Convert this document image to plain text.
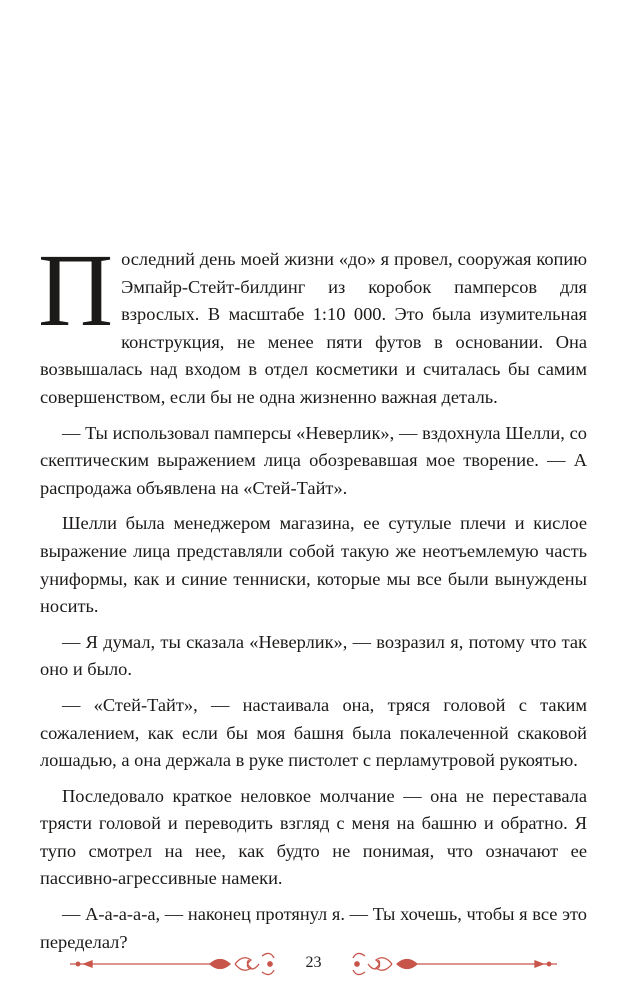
Последний день моей жизни «до» я провел, сооружая копию Эмпайр-Стейт-билдинг из коробок памперсов для взрослых. В масштабе 1:10 000. Это была изумительная конструкция, не менее пяти футов в основании. Она возвышалась над входом в отдел косметики и считалась бы самим совершенством, если бы не одна жизненно важная деталь.

— Ты использовал памперсы «Неверлик», — вздохнула Шелли, со скептическим выражением лица обозревавшая мое творение. — А распродажа объявлена на «Стей-Тайт».

Шелли была менеджером магазина, ее сутулые плечи и кислое выражение лица представляли собой такую же неотъемлемую часть униформы, как и синие тенниски, которые мы все были вынуждены носить.

— Я думал, ты сказала «Неверлик», — возразил я, потому что так оно и было.

— «Стей-Тайт», — настаивала она, тряся головой с таким сожалением, как если бы моя башня была покалеченной скаковой лошадью, а она держала в руке пистолет с перламутровой рукоятью.

Последовало краткое неловкое молчание — она не переставала трясти головой и переводить взгляд с меня на башню и обратно. Я тупо смотрел на нее, как будто не понимая, что означают ее пассивно-агрессивные намеки.

— А-а-а-а-а, — наконец протянул я. — Ты хочешь, чтобы я все это переделал?

23
